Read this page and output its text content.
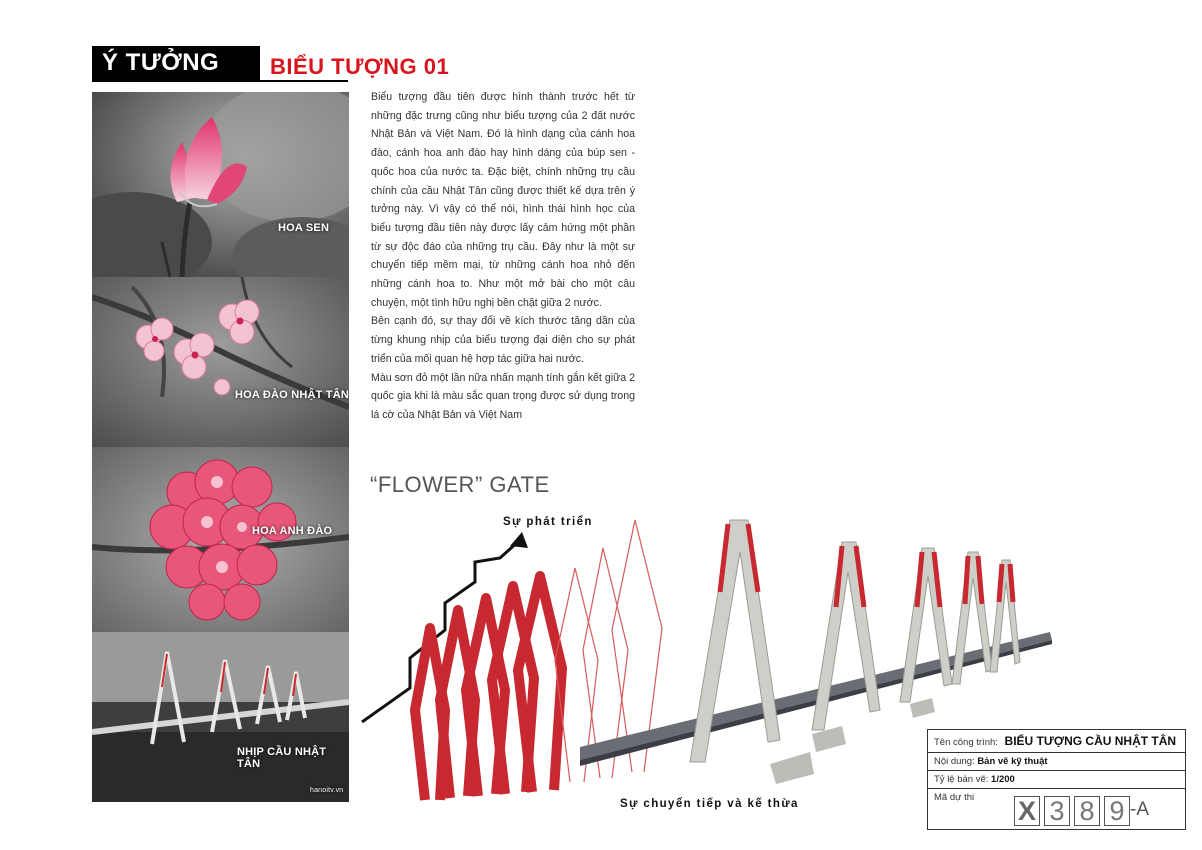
Ý TƯỞNG	BIỂU TƯỢNG 01
HOA SEN
HOA ĐÀO NHẬT TÂN
HOA ANH ĐÀO
NHỊP CẦU NHẬT TÂN
hanoitv.vn

Biểu tượng đầu tiên được hình thành trước hết từ những đặc trưng cũng như biểu tượng của 2 đất nước Nhật Bản và Việt Nam. Đó là hình dạng của cánh hoa đào, cánh hoa anh đào hay hình dáng của búp sen - quốc hoa của nước ta. Đặc biệt, chính những trụ cầu chính của cầu Nhật Tân cũng được thiết kế dựa trên ý tưởng này. Vì vậy có thể nói, hình thái hình học của biểu tượng đầu tiên này được lấy cảm hứng một phần từ sự độc đáo của những trụ cầu. Đây như là một sự chuyển tiếp mềm mại, từ những cánh hoa nhỏ đến những cánh hoa to. Như một mở bài cho một câu chuyện, một tình hữu nghị bền chặt giữa 2 nước.

Bên cạnh đó, sự thay đổi về kích thước tăng dần của từng khung nhịp của biểu tượng đại diện cho sự phát triển của mối quan hệ hợp tác giữa hai nước.

Màu sơn đỏ một lần nữa nhấn mạnh tính gắn kết giữa 2 quốc gia khi là màu sắc quan trọng được sử dụng trong lá cờ của Nhật Bản và Việt Nam

“FLOWER” GATE
Sự phát triển
Sự chuyển tiếp và kế thừa
Tên công trình: BIỂU TƯỢNG CẦU NHẬT TÂN
Nội dung: Bản vẽ kỹ thuật
Tỷ lệ bản vẽ: 1/200
Mã dự thi	X 3 8 9 -A
